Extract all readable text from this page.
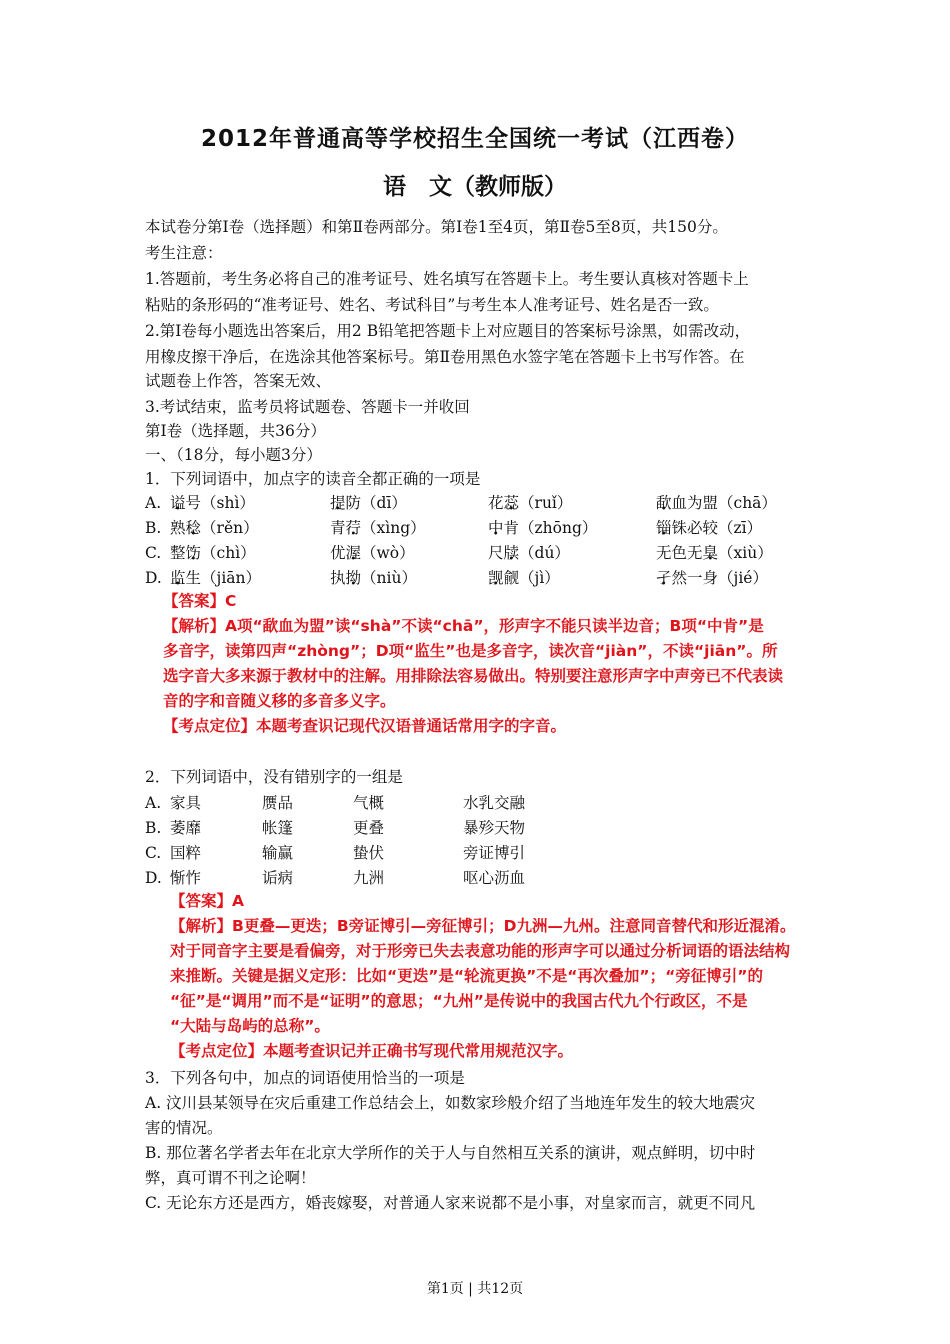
2012年普通高等学校招生全国统一考试（江西卷）
语　文（教师版）
本试卷分第Ⅰ卷（选择题）和第Ⅱ卷两部分。第Ⅰ卷1至4页，第Ⅱ卷5至8页，共150分。
考生注意：
1.答题前，考生务必将自己的准考证号、姓名填写在答题卡上。考生要认真核对答题卡上
粘贴的条形码的“准考证号、姓名、考试科目”与考生本人准考证号、姓名是否一致。
2.第Ⅰ卷每小题选出答案后，用2 B铅笔把答题卡上对应题目的答案标号涂黑，如需改动，
用橡皮擦干净后，在选涂其他答案标号。第Ⅱ卷用黑色水签字笔在答题卡上书写作答。在
试题卷上作答，答案无效、
3.考试结束，监考员将试题卷、答题卡一并收回
第Ⅰ卷（选择题，共36分）
一、（18分，每小题3分）
1．下列词语中，加点字的读音全都正确的一项是
A. 谥号（shì）	提防（dī）	花蕊（ruǐ）	歃血为盟（chā）
B. 熟稔（rěn）	青荇（xìng）	中肯（zhōng）	锱铢必较（zī）
C. 整饬（chì）	优渥（wò）	尺牍（dú）	无色无臭（xiù）
D. 监生（jiān）	执拗（niù）	觊觎（jì）	孑然一身（jié）
【答案】C
【解析】A项“歃血为盟”读“shà”不读“chā”，形声字不能只读半边音；B项“中肯”是
多音字，读第四声“zhòng”；D项“监生”也是多音字，读次音“jiàn”，不读“jiān”。所
选字音大多来源于教材中的注解。用排除法容易做出。特别要注意形声字中声旁已不代表读
音的字和音随义移的多音多义字。
【考点定位】本题考查识记现代汉语普通话常用字的字音。
2．下列词语中，没有错别字的一组是
A. 家具	赝品	气概	水乳交融
B. 萎靡	帐篷	更叠	暴殄天物
C. 国粹	输赢	蛰伏	旁证博引
D. 惭怍	诟病	九洲	呕心沥血
【答案】A
【解析】B更叠—更迭；B旁证博引—旁征博引；D九洲—九州。注意同音替代和形近混淆。
对于同音字主要是看偏旁，对于形旁已失去表意功能的形声字可以通过分析词语的语法结构
来推断。关键是据义定形：比如“更迭”是“轮流更换”不是“再次叠加”；“旁征博引”的
“征”是“调用”而不是“证明”的意思；“九州”是传说中的我国古代九个行政区，不是
“大陆与岛屿的总称”。
【考点定位】本题考查识记并正确书写现代常用规范汉字。
3．下列各句中，加点的词语使用恰当的一项是
A. 汶川县某领导在灾后重建工作总结会上，如数家珍般介绍了当地连年发生的较大地震灾
害的情况。
B. 那位著名学者去年在北京大学所作的关于人与自然相互关系的演讲，观点鲜明，切中时
弊，真可谓不刊之论啊！
C. 无论东方还是西方，婚丧嫁娶，对普通人家来说都不是小事，对皇家而言，就更不同凡
第1页 | 共12页
